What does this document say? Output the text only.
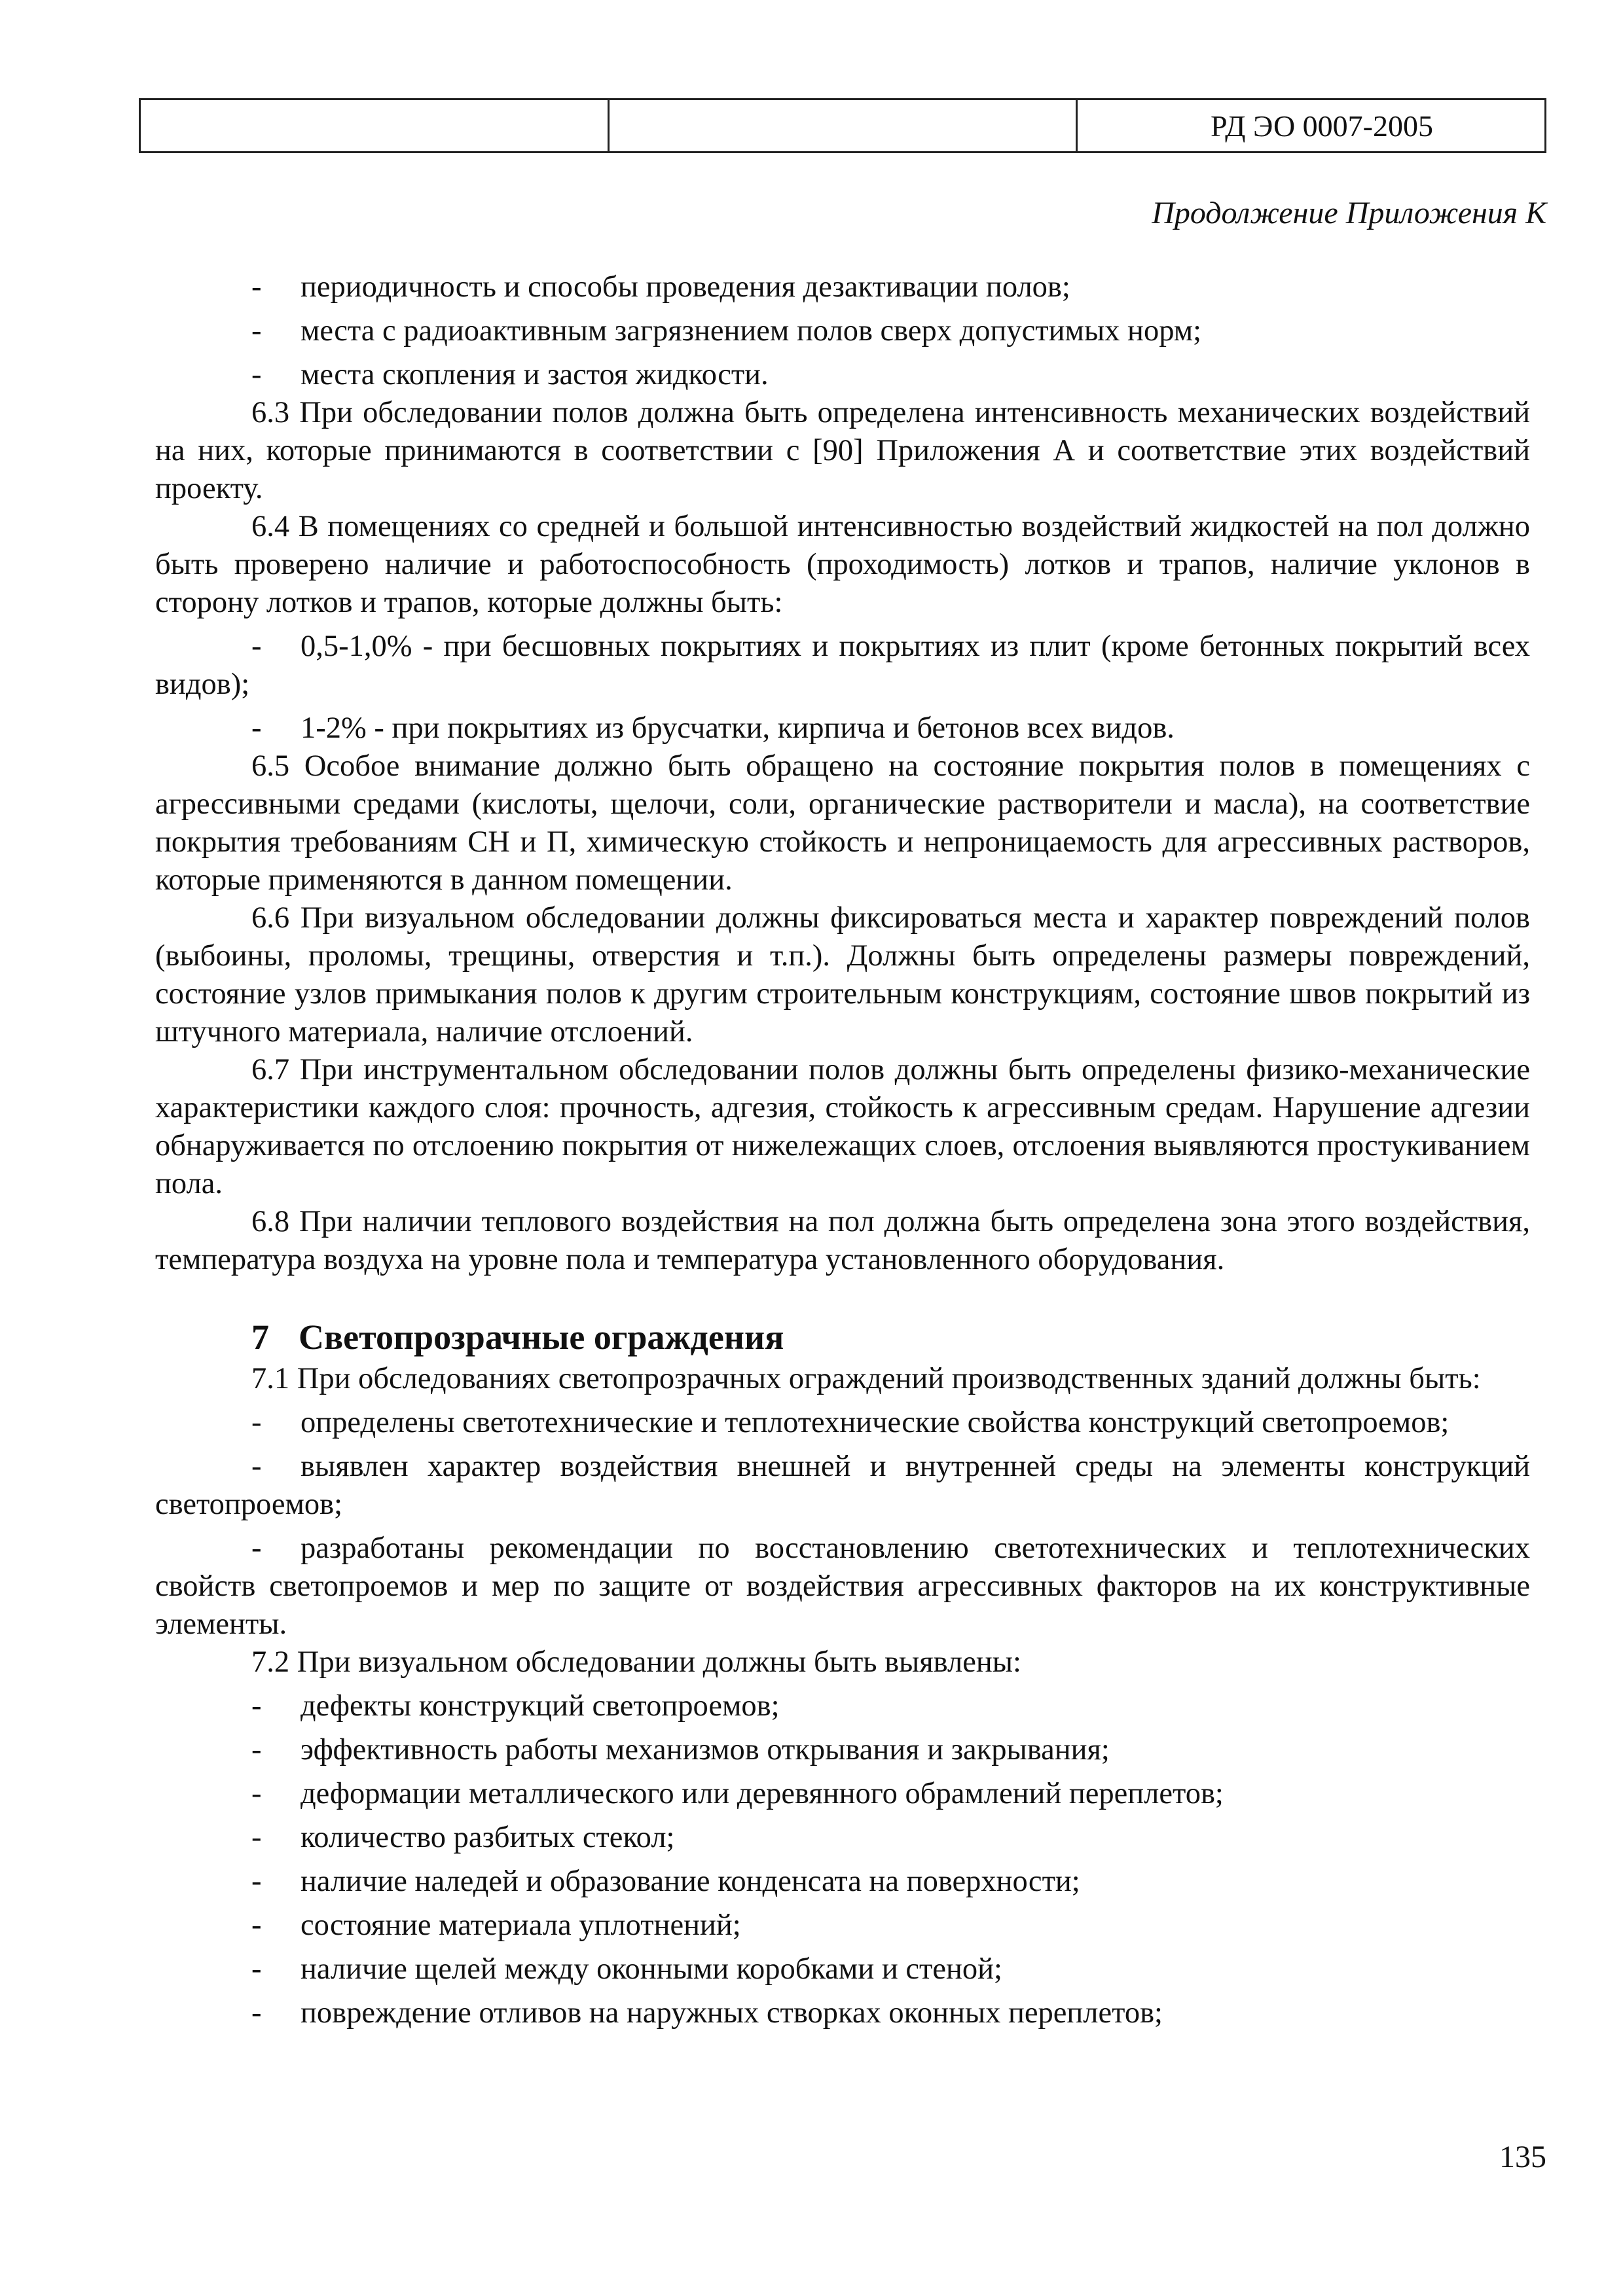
		РД ЭО 0007-2005
Продолжение Приложения К
- периодичность и способы проведения дезактивации полов;
- места с радиоактивным загрязнением полов сверх допустимых норм;
- места скопления и застоя жидкости.
6.3 При обследовании полов должна быть определена интенсивность механических воздействий на них, которые принимаются в соответствии с [90] Приложения А и соответствие этих воздействий проекту.
6.4 В помещениях со средней и большой интенсивностью воздействий жидкостей на пол должно быть проверено наличие и работоспособность (проходимость) лотков и трапов, наличие уклонов в сторону лотков и трапов, которые должны быть:
- 0,5-1,0% - при бесшовных покрытиях и покрытиях из плит (кроме бетонных покрытий всех видов);
- 1-2% - при покрытиях из брусчатки, кирпича и бетонов всех видов.
6.5 Особое внимание должно быть обращено на состояние покрытия полов в помещениях с агрессивными средами (кислоты, щелочи, соли, органические растворители и масла), на соответствие покрытия требованиям СН и П, химическую стойкость и непроницаемость для агрессивных растворов, которые применяются в данном помещении.
6.6 При визуальном обследовании должны фиксироваться места и характер повреждений полов (выбоины, проломы, трещины, отверстия и т.п.). Должны быть определены размеры повреждений, состояние узлов примыкания полов к другим строительным конструкциям, состояние швов покрытий из штучного материала, наличие отслоений.
6.7 При инструментальном обследовании полов должны быть определены физико-механические характеристики каждого слоя: прочность, адгезия, стойкость к агрессивным средам. Нарушение адгезии обнаруживается по отслоению покрытия от нижележащих слоев, отслоения выявляются простукиванием пола.
6.8 При наличии теплового воздействия на пол должна быть определена зона этого воздействия, температура воздуха на уровне пола и температура установленного оборудования.
7 Светопрозрачные ограждения
7.1 При обследованиях светопрозрачных ограждений производственных зданий должны быть:
- определены светотехнические и теплотехнические свойства конструкций светопроемов;
- выявлен характер воздействия внешней и внутренней среды на элементы конструкций светопроемов;
- разработаны рекомендации по восстановлению светотехнических и теплотехнических свойств светопроемов и мер по защите от воздействия агрессивных факторов на их конструктивные элементы.
7.2 При визуальном обследовании должны быть выявлены:
- дефекты конструкций светопроемов;
- эффективность работы механизмов открывания и закрывания;
- деформации металлического или деревянного обрамлений переплетов;
- количество разбитых стекол;
- наличие наледей и образование конденсата на поверхности;
- состояние материала уплотнений;
- наличие щелей между оконными коробками и стеной;
- повреждение отливов на наружных створках оконных переплетов;
135
